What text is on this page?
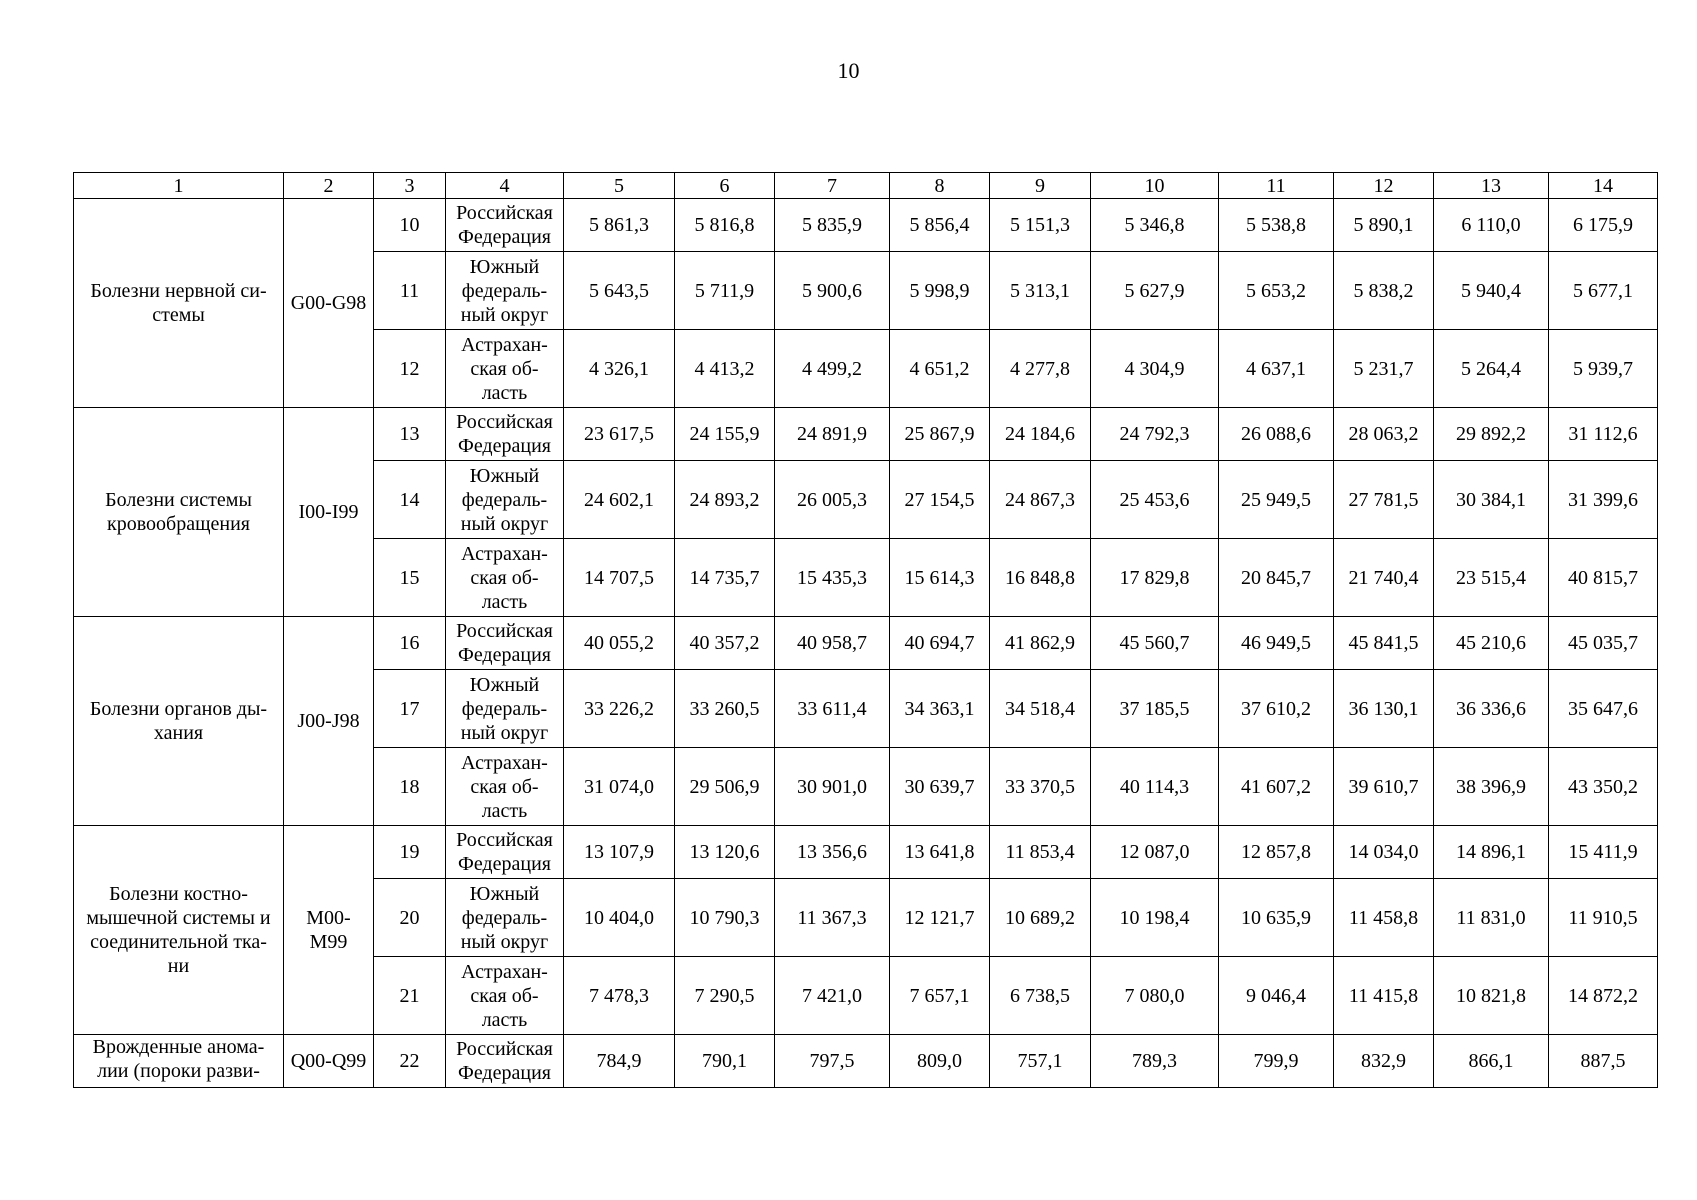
10
1	2	3	4	5	6	7	8	9	10	11	12	13	14
Болезни нервной си-
стемы	G00-G98	10	Российская
Федерация	5 861,3	5 816,8	5 835,9	5 856,4	5 151,3	5 346,8	5 538,8	5 890,1	6 110,0	6 175,9
		11	Южный
федераль-
ный округ	5 643,5	5 711,9	5 900,6	5 998,9	5 313,1	5 627,9	5 653,2	5 838,2	5 940,4	5 677,1
		12	Астрахан-
ская об-
ласть	4 326,1	4 413,2	4 499,2	4 651,2	4 277,8	4 304,9	4 637,1	5 231,7	5 264,4	5 939,7
Болезни системы
кровообращения	I00-I99	13	Российская
Федерация	23 617,5	24 155,9	24 891,9	25 867,9	24 184,6	24 792,3	26 088,6	28 063,2	29 892,2	31 112,6
		14	Южный
федераль-
ный округ	24 602,1	24 893,2	26 005,3	27 154,5	24 867,3	25 453,6	25 949,5	27 781,5	30 384,1	31 399,6
		15	Астрахан-
ская об-
ласть	14 707,5	14 735,7	15 435,3	15 614,3	16 848,8	17 829,8	20 845,7	21 740,4	23 515,4	40 815,7
Болезни органов ды-
хания	J00-J98	16	Российская
Федерация	40 055,2	40 357,2	40 958,7	40 694,7	41 862,9	45 560,7	46 949,5	45 841,5	45 210,6	45 035,7
		17	Южный
федераль-
ный округ	33 226,2	33 260,5	33 611,4	34 363,1	34 518,4	37 185,5	37 610,2	36 130,1	36 336,6	35 647,6
		18	Астрахан-
ская об-
ласть	31 074,0	29 506,9	30 901,0	30 639,7	33 370,5	40 114,3	41 607,2	39 610,7	38 396,9	43 350,2
Болезни костно-
мышечной системы и
соединительной тка-
ни	M00-
M99	19	Российская
Федерация	13 107,9	13 120,6	13 356,6	13 641,8	11 853,4	12 087,0	12 857,8	14 034,0	14 896,1	15 411,9
		20	Южный
федераль-
ный округ	10 404,0	10 790,3	11 367,3	12 121,7	10 689,2	10 198,4	10 635,9	11 458,8	11 831,0	11 910,5
		21	Астрахан-
ская об-
ласть	7 478,3	7 290,5	7 421,0	7 657,1	6 738,5	7 080,0	9 046,4	11 415,8	10 821,8	14 872,2
Врожденные анома-
лии (пороки разви-	Q00-Q99	22	Российская
Федерация	784,9	790,1	797,5	809,0	757,1	789,3	799,9	832,9	866,1	887,5
